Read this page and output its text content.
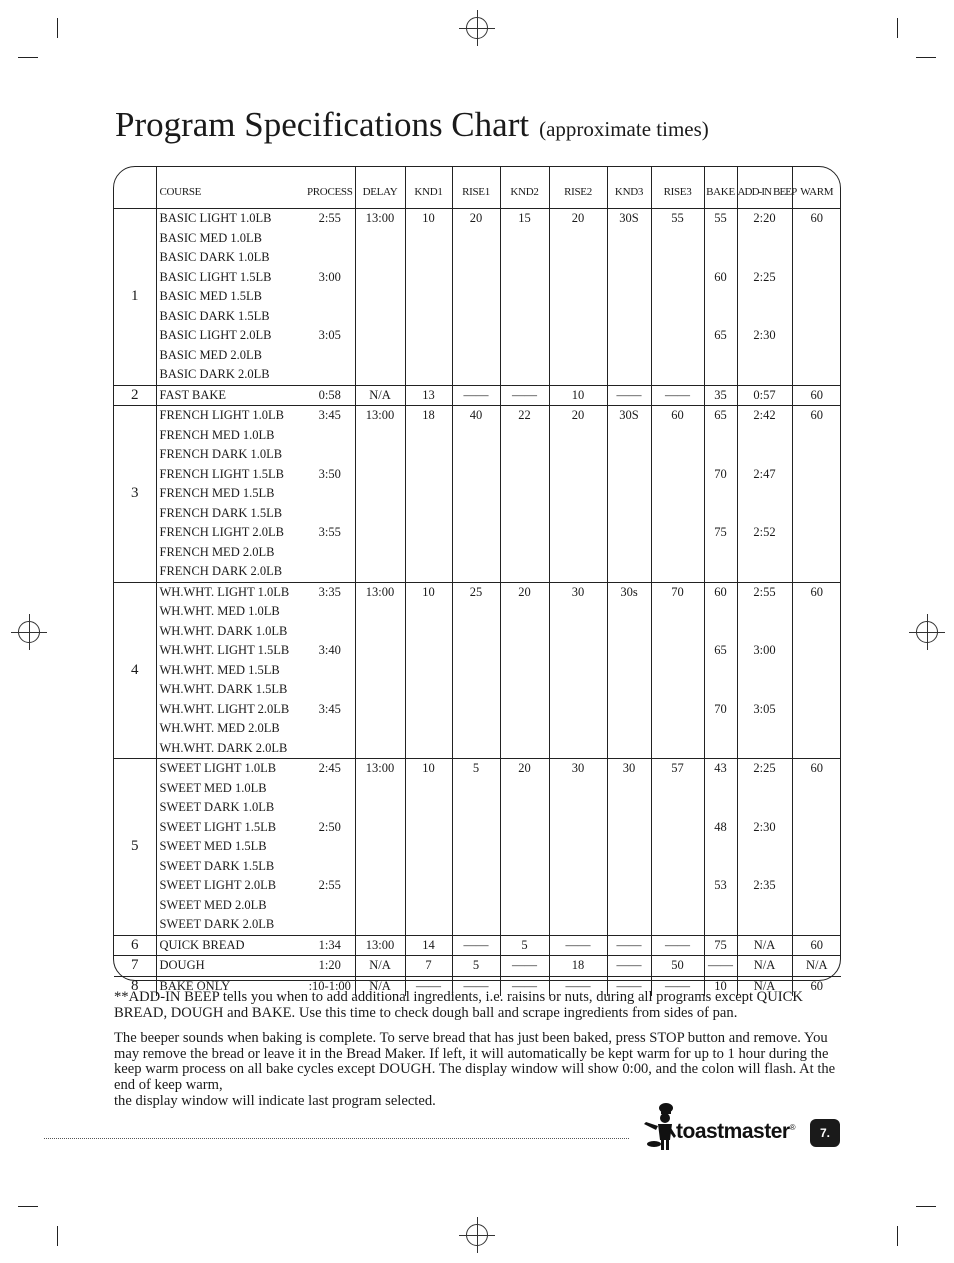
Program Specifications Chart (approximate times)
	COURSE	PROCESS	DELAY	KND1	RISE1	KND2	RISE2	KND3	RISE3	BAKE	ADD-IN BEEP	WARM
1	BASIC LIGHT 1.0LB	2:55	13:00	10	20	15	20	30S	55	55	2:20	60
	BASIC MED 1.0LB											
	BASIC DARK 1.0LB											
	BASIC LIGHT 1.5LB	3:00								60	2:25	
	BASIC MED 1.5LB											
	BASIC DARK 1.5LB											
	BASIC LIGHT 2.0LB	3:05								65	2:30	
	BASIC MED 2.0LB											
	BASIC DARK 2.0LB											
2	FAST BAKE	0:58	N/A	13	——	——	10	——	——	35	0:57	60
3	FRENCH LIGHT 1.0LB	3:45	13:00	18	40	22	20	30S	60	65	2:42	60
	FRENCH MED 1.0LB											
	FRENCH DARK 1.0LB											
	FRENCH LIGHT 1.5LB	3:50								70	2:47	
	FRENCH MED 1.5LB											
	FRENCH DARK 1.5LB											
	FRENCH LIGHT 2.0LB	3:55								75	2:52	
	FRENCH MED 2.0LB											
	FRENCH DARK 2.0LB											
4	WH.WHT. LIGHT 1.0LB	3:35	13:00	10	25	20	30	30s	70	60	2:55	60
	WH.WHT. MED 1.0LB											
	WH.WHT. DARK 1.0LB											
	WH.WHT. LIGHT 1.5LB	3:40								65	3:00	
	WH.WHT. MED 1.5LB											
	WH.WHT. DARK 1.5LB											
	WH.WHT. LIGHT 2.0LB	3:45								70	3:05	
	WH.WHT. MED 2.0LB											
	WH.WHT. DARK 2.0LB											
5	SWEET LIGHT 1.0LB	2:45	13:00	10	5	20	30	30	57	43	2:25	60
	SWEET MED 1.0LB											
	SWEET DARK 1.0LB											
	SWEET LIGHT 1.5LB	2:50								48	2:30	
	SWEET MED 1.5LB											
	SWEET DARK 1.5LB											
	SWEET LIGHT 2.0LB	2:55								53	2:35	
	SWEET MED 2.0LB											
	SWEET DARK 2.0LB											
6	QUICK BREAD	1:34	13:00	14	——	5	——	——	——	75	N/A	60
7	DOUGH	1:20	N/A	7	5	——	18	——	50	——	N/A	N/A
8	BAKE ONLY	:10-1:00	N/A	——	——	——	——	——	——	10	N/A	60

**ADD-IN BEEP tells you when to add additional ingredients, i.e. raisins or nuts, during all programs except QUICK BREAD, DOUGH and BAKE. Use this time to check dough ball and scrape ingredients from sides of pan.

The beeper sounds when baking is complete. To serve bread that has just been baked, press STOP button and remove. You may remove the bread or leave it in the Bread Maker. If left, it will automatically be kept warm for up to 1 hour during the keep warm process on all bake cycles except DOUGH. The display window will show 0:00, and the colon will flash. At the end of keep warm,
the display window will indicate last program selected.

toastmaster®	7.
